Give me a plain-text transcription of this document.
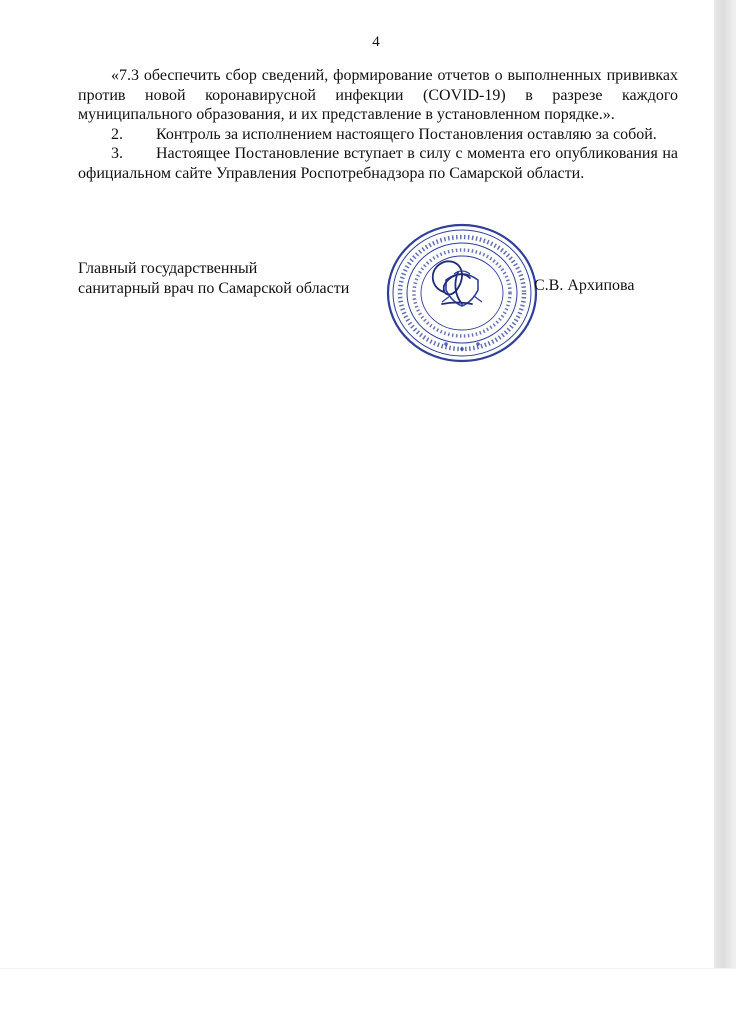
4

«7.3 обеспечить сбор сведений, формирование отчетов о выполненных прививках против новой коронавирусной инфекции (COVID-19) в разрезе каждого муниципального образования, и их представление в установленном порядке.».

2. Контроль за исполнением настоящего Постановления оставляю за собой.

3. Настоящее Постановление вступает в силу с момента его опубликования на официальном сайте Управления Роспотребнадзора по Самарской области.

Главный государственный
санитарный врач по Самарской области	С.В. Архипова
